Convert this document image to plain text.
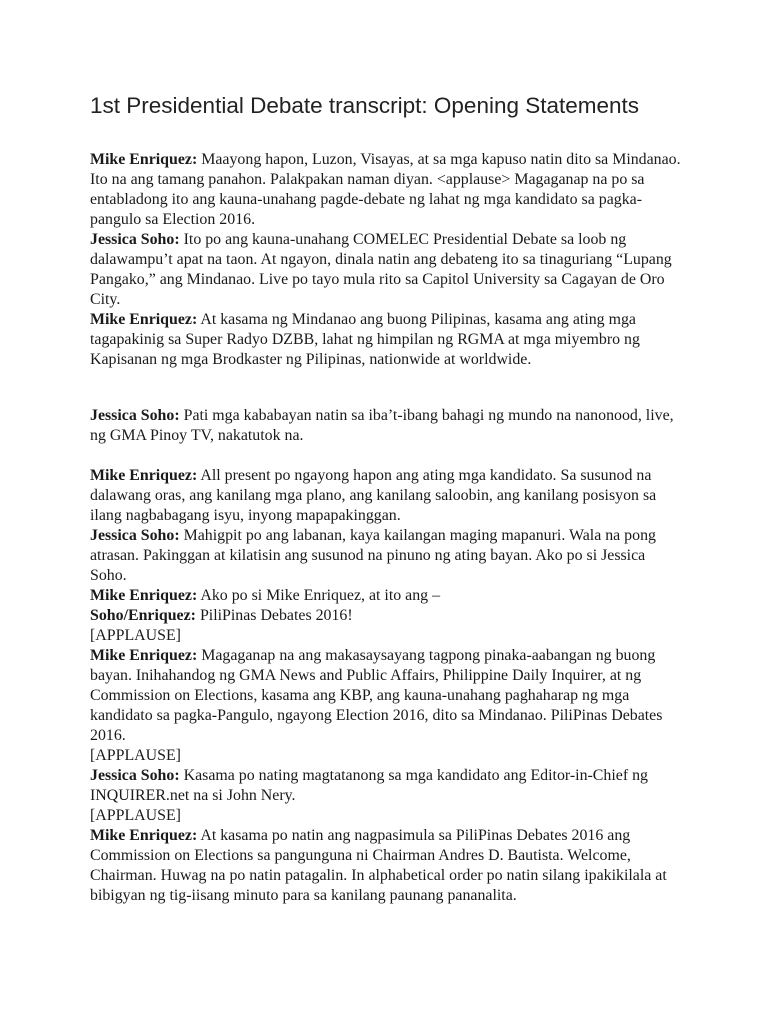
1st Presidential Debate transcript: Opening Statements

Mike Enriquez: Maayong hapon, Luzon, Visayas, at sa mga kapuso natin dito sa Mindanao. Ito na ang tamang panahon. Palakpakan naman diyan. <applause> Magaganap na po sa entabladong ito ang kauna-unahang pagde-debate ng lahat ng mga kandidato sa pagka-pangulo sa Election 2016.

Jessica Soho: Ito po ang kauna-unahang COMELEC Presidential Debate sa loob ng dalawampu’t apat na taon. At ngayon, dinala natin ang debateng ito sa tinaguriang “Lupang Pangako,” ang Mindanao. Live po tayo mula rito sa Capitol University sa Cagayan de Oro City.

Mike Enriquez: At kasama ng Mindanao ang buong Pilipinas, kasama ang ating mga tagapakinig sa Super Radyo DZBB, lahat ng himpilan ng RGMA at mga miyembro ng Kapisanan ng mga Brodkaster ng Pilipinas, nationwide at worldwide.

Jessica Soho: Pati mga kababayan natin sa iba’t-ibang bahagi ng mundo na nanonood, live, ng GMA Pinoy TV, nakatutok na.

Mike Enriquez: All present po ngayong hapon ang ating mga kandidato. Sa susunod na dalawang oras, ang kanilang mga plano, ang kanilang saloobin, ang kanilang posisyon sa ilang nagbabagang isyu, inyong mapapakinggan.

Jessica Soho: Mahigpit po ang labanan, kaya kailangan maging mapanuri. Wala na pong atrasan. Pakinggan at kilatisin ang susunod na pinuno ng ating bayan. Ako po si Jessica Soho.

Mike Enriquez: Ako po si Mike Enriquez, at ito ang –

Soho/Enriquez: PiliPinas Debates 2016!

[APPLAUSE]

Mike Enriquez: Magaganap na ang makasaysayang tagpong pinaka-aabangan ng buong bayan. Inihahandog ng GMA News and Public Affairs, Philippine Daily Inquirer, at ng Commission on Elections, kasama ang KBP, ang kauna-unahang paghaharap ng mga kandidato sa pagka-Pangulo, ngayong Election 2016, dito sa Mindanao. PiliPinas Debates 2016.

[APPLAUSE]

Jessica Soho: Kasama po nating magtatanong sa mga kandidato ang Editor-in-Chief ng INQUIRER.net na si John Nery.

[APPLAUSE]

Mike Enriquez: At kasama po natin ang nagpasimula sa PiliPinas Debates 2016 ang Commission on Elections sa pangunguna ni Chairman Andres D. Bautista. Welcome, Chairman. Huwag na po natin patagalin. In alphabetical order po natin silang ipakikilala at bibigyan ng tig-iisang minuto para sa kanilang paunang pananalita.
